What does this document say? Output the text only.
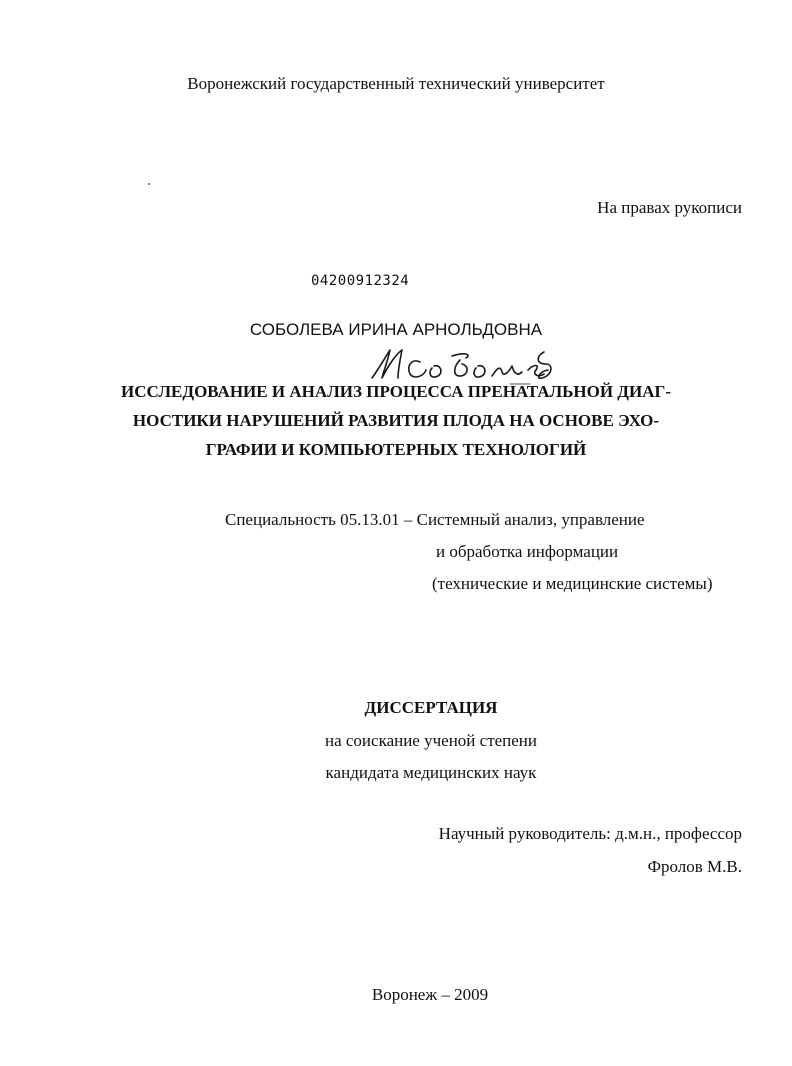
Воронежский государственный технический университет
На правах рукописи
04200912324
СОБОЛЕВА ИРИНА АРНОЛЬДОВНА
ИССЛЕДОВАНИЕ И АНАЛИЗ ПРОЦЕССА ПРЕНАТАЛЬНОЙ ДИАГ-
НОСТИКИ НАРУШЕНИЙ РАЗВИТИЯ ПЛОДА НА ОСНОВЕ ЭХО-
ГРАФИИ И КОМПЬЮТЕРНЫХ ТЕХНОЛОГИЙ
Специальность 05.13.01 – Системный анализ, управление
и обработка информации
(технические и медицинские системы)
ДИССЕРТАЦИЯ
на соискание ученой степени
кандидата медицинских наук
Научный руководитель: д.м.н., профессор
Фролов М.В.
Воронеж – 2009
